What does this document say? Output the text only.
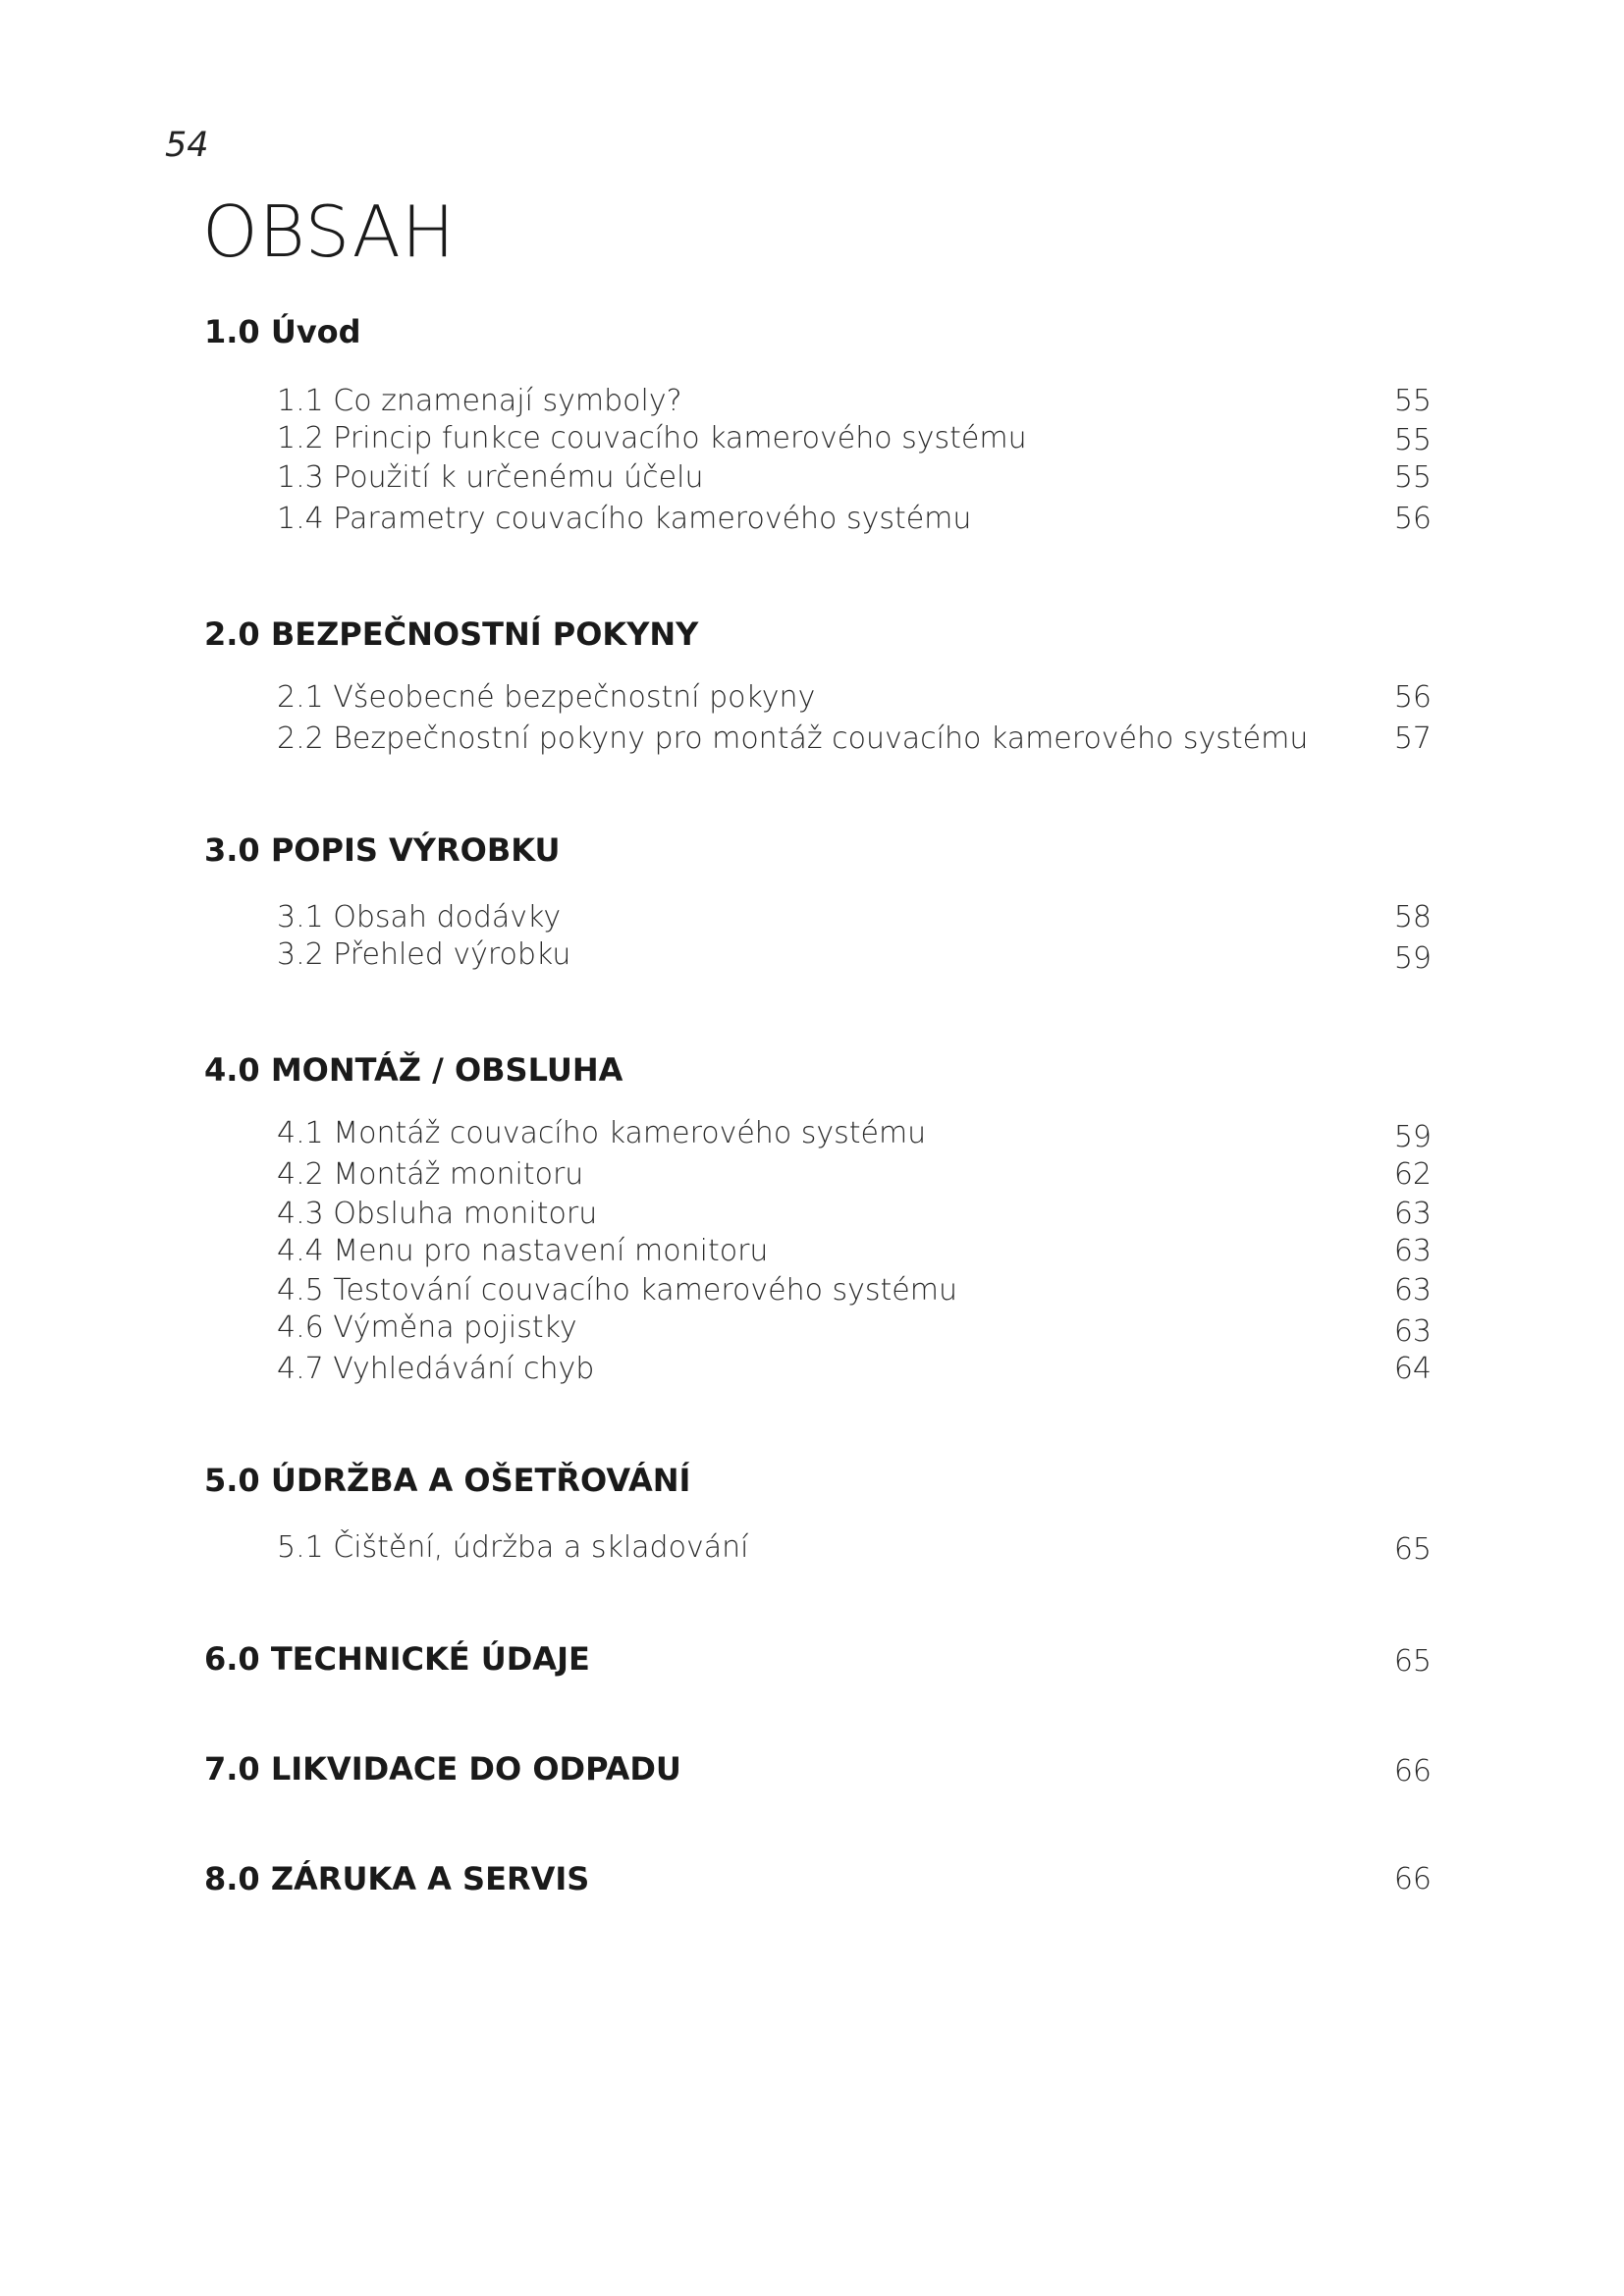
54
OBSAH
1.0 Úvod
1.1 Co znamenají symboly?	55
1.2 Princip funkce couvacího kamerového systému	55
1.3 Použití k určenému účelu	55
1.4 Parametry couvacího kamerového systému	56
2.0 BEZPEČNOSTNÍ POKYNY
2.1 Všeobecné bezpečnostní pokyny	56
2.2 Bezpečnostní pokyny pro montáž couvacího kamerového systému	57
3.0 POPIS VÝROBKU
3.1 Obsah dodávky	58
3.2 Přehled výrobku	59
4.0 MONTÁŽ / OBSLUHA
4.1 Montáž couvacího kamerového systému	59
4.2 Montáž monitoru	62
4.3 Obsluha monitoru	63
4.4 Menu pro nastavení monitoru	63
4.5 Testování couvacího kamerového systému	63
4.6 Výměna pojistky	63
4.7 Vyhledávání chyb	64
5.0 ÚDRŽBA A OŠETŘOVÁNÍ
5.1 Čištění, údržba a skladování	65
6.0 TECHNICKÉ ÚDAJE	65
7.0 LIKVIDACE DO ODPADU	66
8.0 ZÁRUKA A SERVIS	66
